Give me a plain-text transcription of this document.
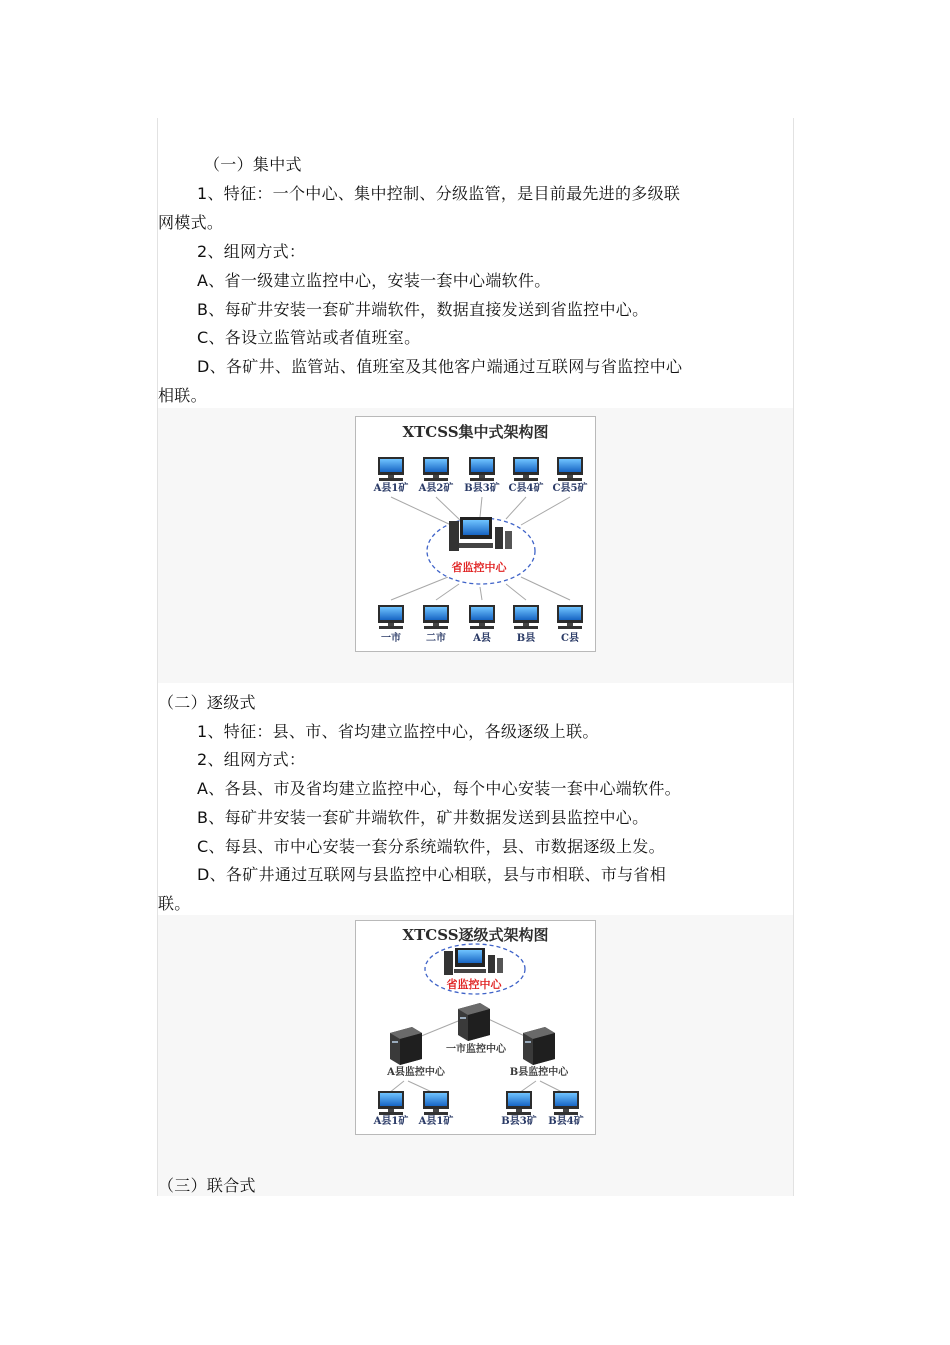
（一）集中式
1、特征：一个中心、集中控制、分级监管，是目前最先进的多级联
网模式。
2、组网方式：
A、省一级建立监控中心，安装一套中心端软件。
B、每矿井安装一套矿井端软件，数据直接发送到省监控中心。
C、各设立监管站或者值班室。
D、各矿井、监管站、值班室及其他客户端通过互联网与省监控中心
相联。
XTCSS集中式架构图
A县1矿 A县2矿 B县3矿 C县4矿 C县5矿
省监控中心
一市	二市	A县	B县	C县
（二）逐级式
1、特征：县、市、省均建立监控中心，各级逐级上联。
2、组网方式：
A、各县、市及省均建立监控中心，每个中心安装一套中心端软件。
B、每矿井安装一套矿井端软件，矿井数据发送到县监控中心。
C、每县、市中心安装一套分系统端软件，县、市数据逐级上发。
D、各矿井通过互联网与县监控中心相联，县与市相联、市与省相
联。
XTCSS逐级式架构图
省监控中心
一市监控中心
A县监控中心	B县监控中心
A县1矿 A县1矿	B县3矿 B县4矿
（三）联合式
